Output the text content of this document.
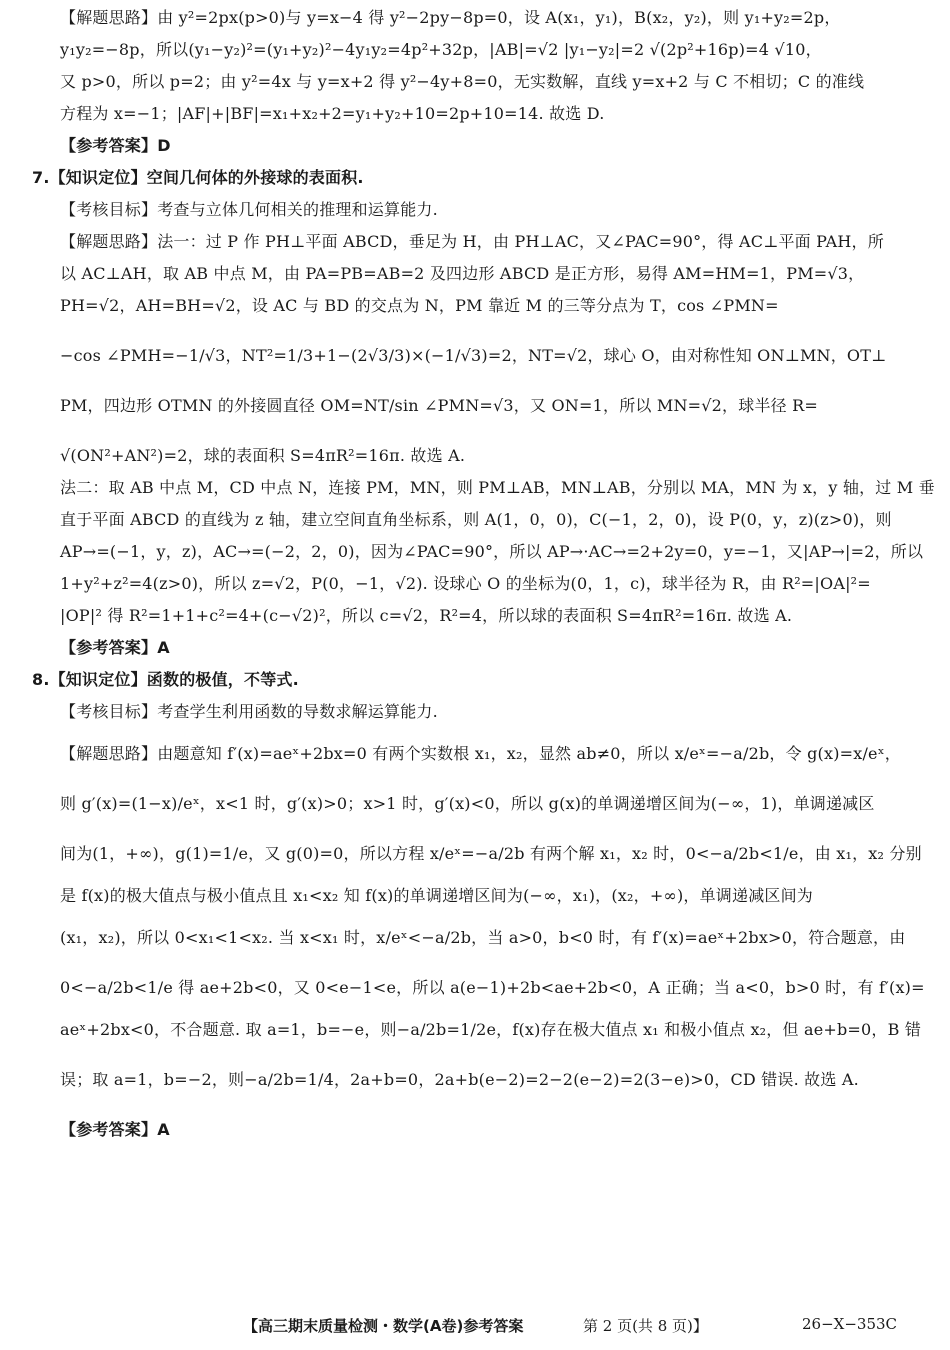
【解题思路】由 y²=2px(p>0)与 y=x−4 得 y²−2py−8p=0，设 A(x₁，y₁)，B(x₂，y₂)，则 y₁+y₂=2p，

y₁y₂=−8p，所以(y₁−y₂)²=(y₁+y₂)²−4y₁y₂=4p²+32p，|AB|=√2 |y₁−y₂|=2 √(2p²+16p)=4 √10，

又 p>0，所以 p=2；由 y²=4x 与 y=x+2 得 y²−4y+8=0，无实数解，直线 y=x+2 与 C 不相切；C 的准线

方程为 x=−1；|AF|+|BF|=x₁+x₂+2=y₁+y₂+10=2p+10=14. 故选 D.

【参考答案】D

7.【知识定位】空间几何体的外接球的表面积.

【考核目标】考查与立体几何相关的推理和运算能力.

【解题思路】法一：过 P 作 PH⊥平面 ABCD，垂足为 H，由 PH⊥AC，又∠PAC=90°，得 AC⊥平面 PAH，所

以 AC⊥AH，取 AB 中点 M，由 PA=PB=AB=2 及四边形 ABCD 是正方形，易得 AM=HM=1，PM=√3，

PH=√2，AH=BH=√2，设 AC 与 BD 的交点为 N，PM 靠近 M 的三等分点为 T，cos ∠PMN=

−cos ∠PMH=−1/√3，NT²=1/3+1−(2√3/3)×(−1/√3)=2，NT=√2，球心 O，由对称性知 ON⊥MN，OT⊥

PM，四边形 OTMN 的外接圆直径 OM=NT/sin ∠PMN=√3，又 ON=1，所以 MN=√2，球半径 R=

√(ON²+AN²)=2，球的表面积 S=4πR²=16π. 故选 A.

法二：取 AB 中点 M，CD 中点 N，连接 PM，MN，则 PM⊥AB，MN⊥AB，分别以 MA，MN 为 x，y 轴，过 M 垂

直于平面 ABCD 的直线为 z 轴，建立空间直角坐标系，则 A(1，0，0)，C(−1，2，0)，设 P(0，y，z)(z>0)，则

AP→=(−1，y，z)，AC→=(−2，2，0)，因为∠PAC=90°，所以 AP→·AC→=2+2y=0，y=−1，又|AP→|=2，所以

1+y²+z²=4(z>0)，所以 z=√2，P(0，−1，√2). 设球心 O 的坐标为(0，1，c)，球半径为 R，由 R²=|OA|²=

|OP|² 得 R²=1+1+c²=4+(c−√2)²，所以 c=√2，R²=4，所以球的表面积 S=4πR²=16π. 故选 A.

【参考答案】A

8.【知识定位】函数的极值，不等式.

【考核目标】考查学生利用函数的导数求解运算能力.

【解题思路】由题意知 f′(x)=aeˣ+2bx=0 有两个实数根 x₁，x₂，显然 ab≠0，所以 x/eˣ=−a/2b，令 g(x)=x/eˣ，

则 g′(x)=(1−x)/eˣ，x<1 时，g′(x)>0；x>1 时，g′(x)<0，所以 g(x)的单调递增区间为(−∞，1)，单调递减区

间为(1，+∞)，g(1)=1/e，又 g(0)=0，所以方程 x/eˣ=−a/2b 有两个解 x₁，x₂ 时，0<−a/2b<1/e，由 x₁，x₂ 分别

是 f(x)的极大值点与极小值点且 x₁<x₂ 知 f(x)的单调递增区间为(−∞，x₁)，(x₂，+∞)，单调递减区间为

(x₁，x₂)，所以 0<x₁<1<x₂. 当 x<x₁ 时，x/eˣ<−a/2b，当 a>0，b<0 时，有 f′(x)=aeˣ+2bx>0，符合题意，由

0<−a/2b<1/e 得 ae+2b<0，又 0<e−1<e，所以 a(e−1)+2b<ae+2b<0，A 正确；当 a<0，b>0 时，有 f′(x)=

aeˣ+2bx<0，不合题意. 取 a=1，b=−e，则−a/2b=1/2e，f(x)存在极大值点 x₁ 和极小值点 x₂，但 ae+b=0，B 错

误；取 a=1，b=−2，则−a/2b=1/4，2a+b=0，2a+b(e−2)=2−2(e−2)=2(3−e)>0，CD 错误. 故选 A.

【参考答案】A

【高三期末质量检测・数学(A卷)参考答案	第 2 页(共 8 页)】	26−X−353C
